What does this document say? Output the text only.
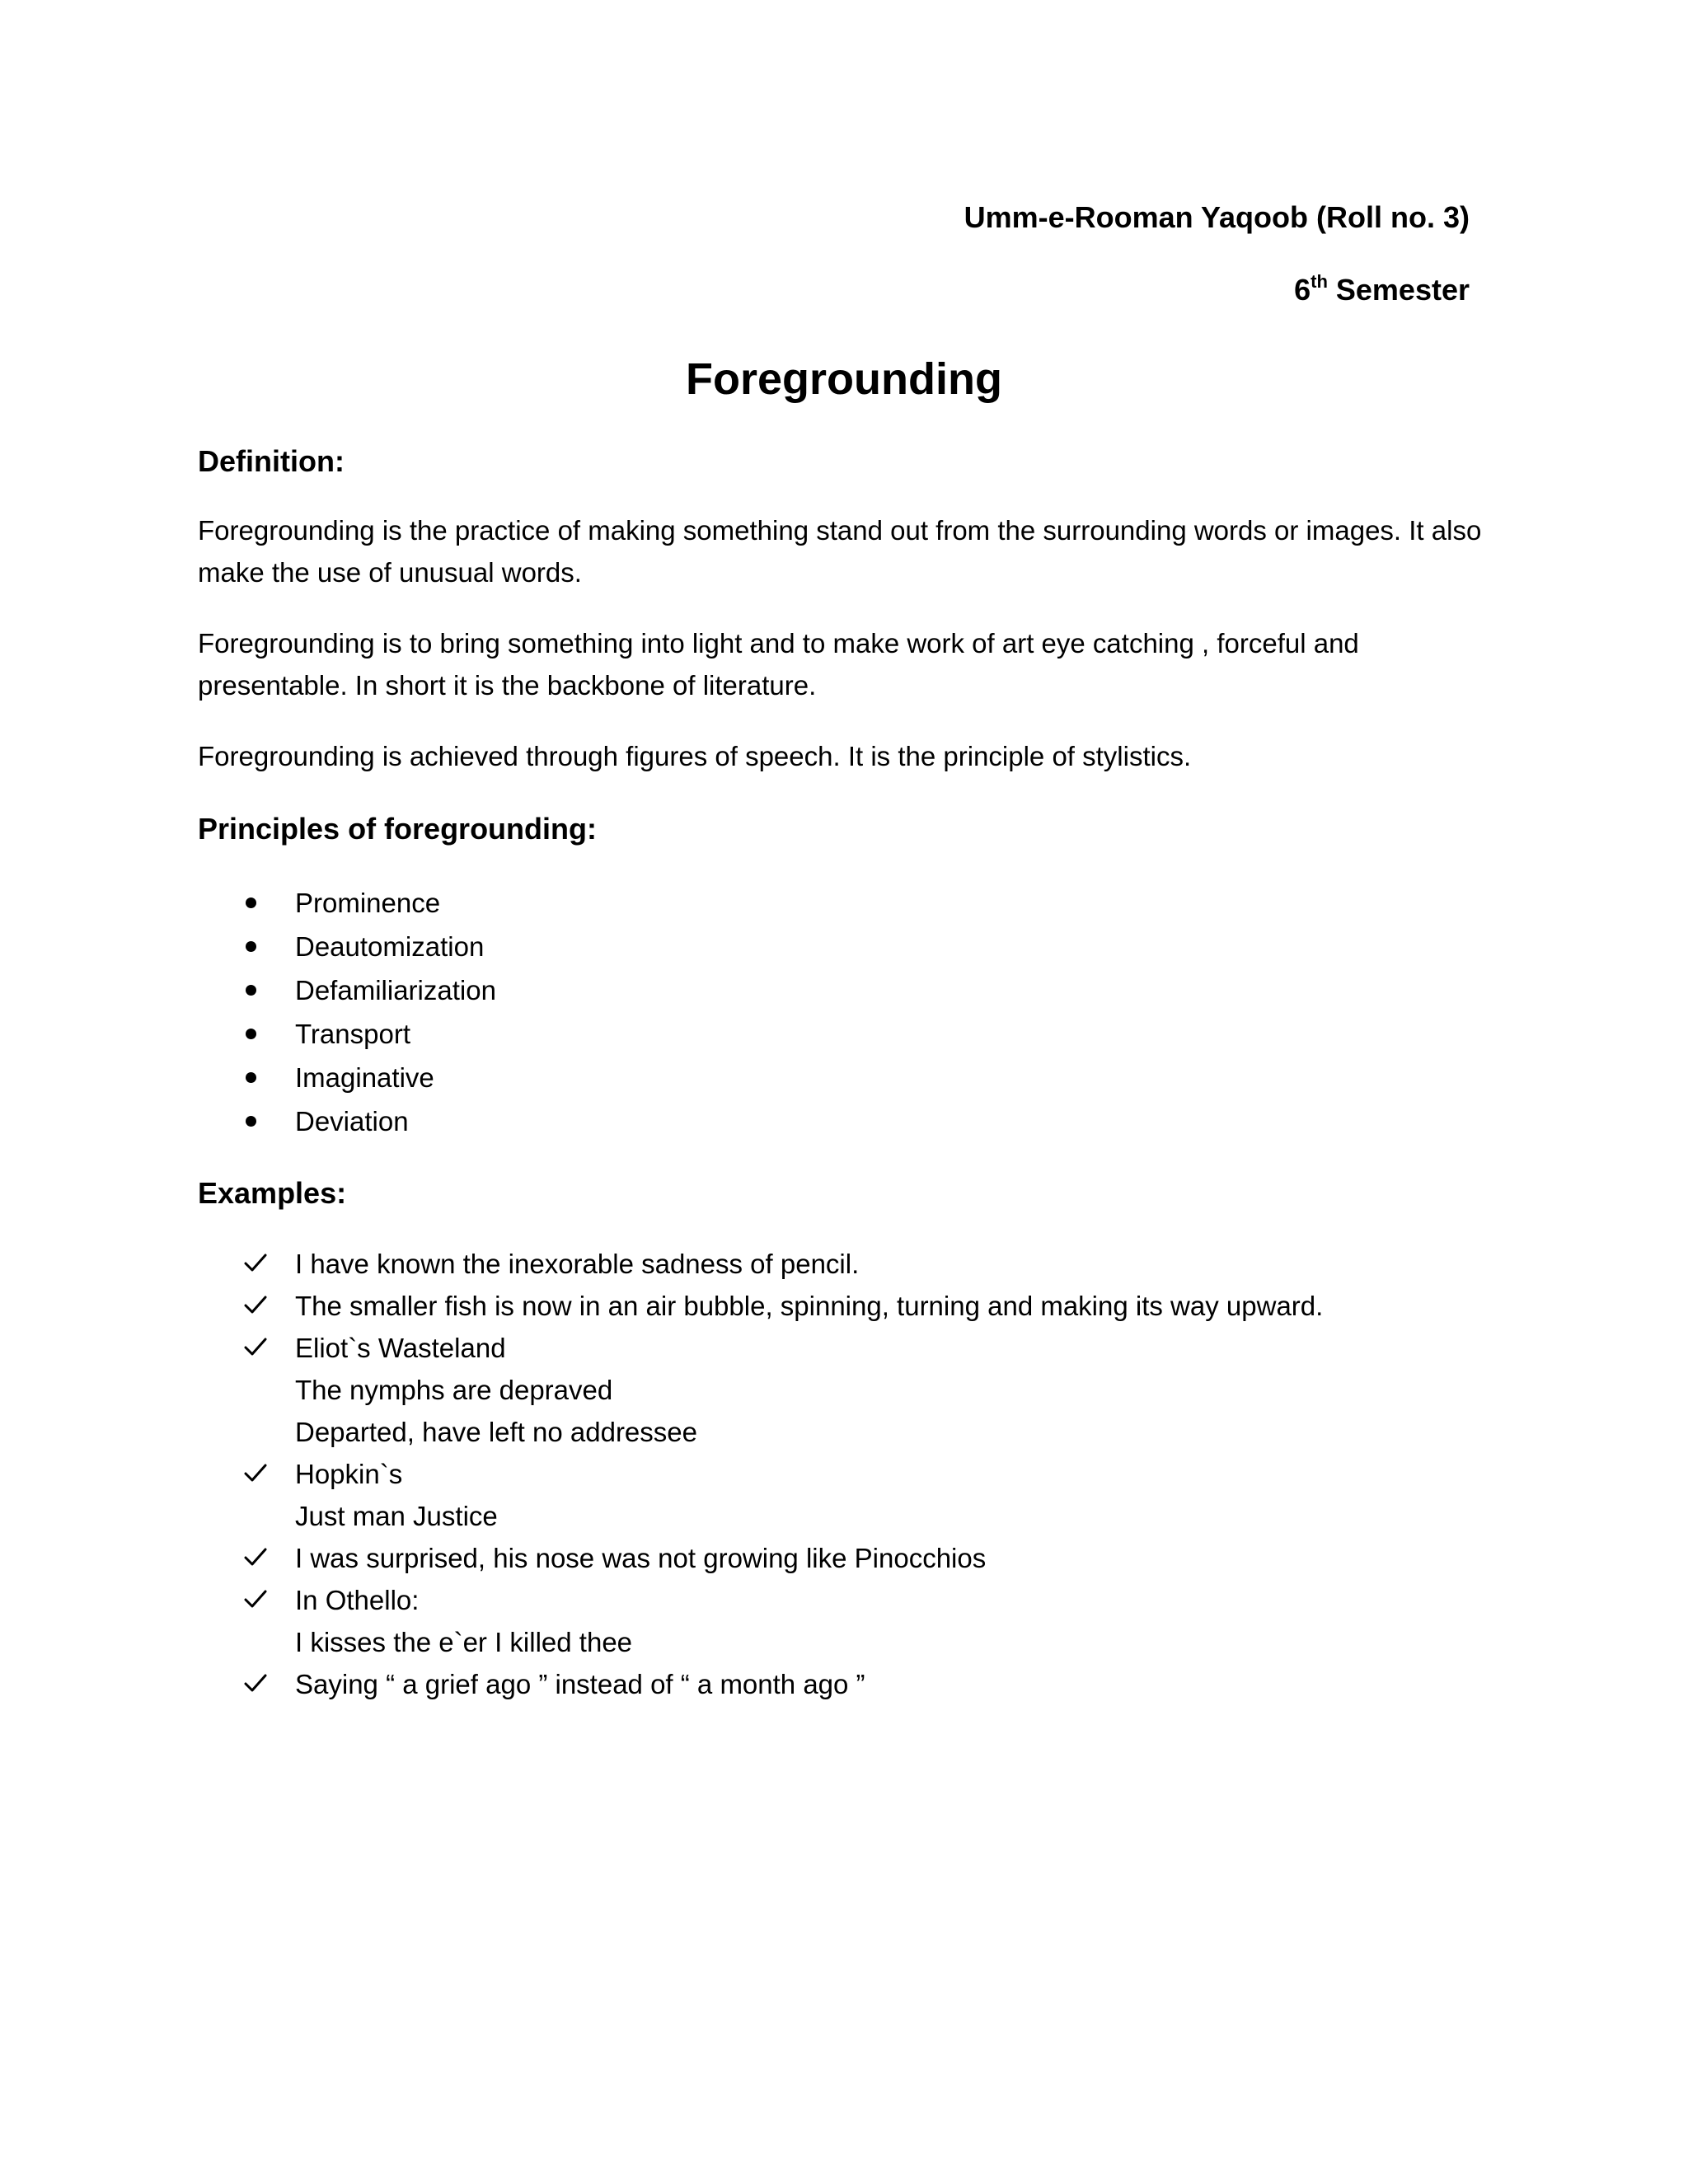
Umm-e-Rooman Yaqoob (Roll no. 3)
6th Semester
Foregrounding
Definition:

Foregrounding is the practice of making something stand out from the surrounding words or images. It also make the use of unusual words.

Foregrounding is to bring something into light and to make work of art eye catching , forceful and presentable. In short it is the backbone of literature.

Foregrounding is achieved through figures of speech. It is the principle of stylistics.

Principles of foregrounding:
Prominence
Deautomization
Defamiliarization
Transport
Imaginative
Deviation
Examples:
I have known the inexorable sadness of pencil.
The smaller fish is now in an air bubble, spinning, turning and making its way upward.
Eliot`s Wasteland
The nymphs are depraved
Departed, have left no addressee
Hopkin`s
Just man Justice
I was surprised, his nose was not growing like Pinocchios
In Othello:
I kisses the e`er I killed thee
Saying “ a grief ago ” instead of “ a month ago ”
